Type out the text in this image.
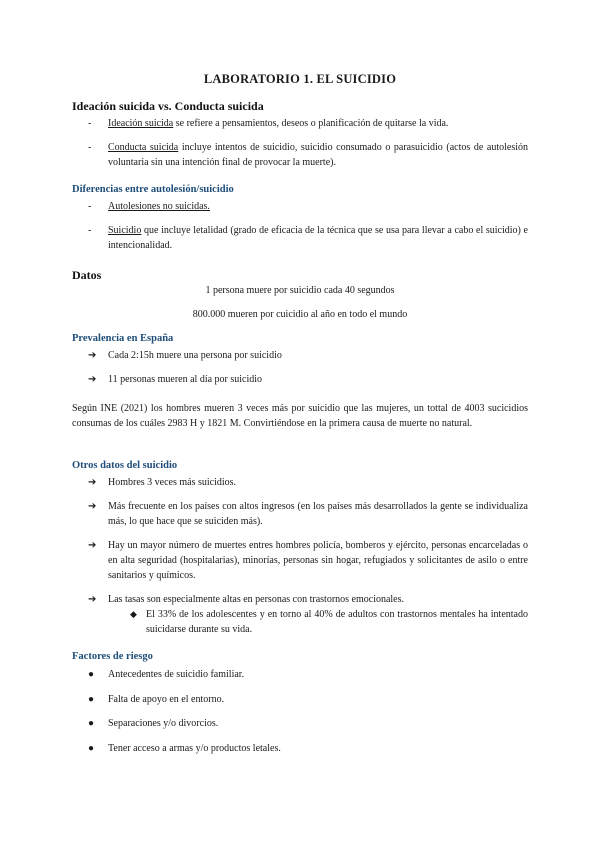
LABORATORIO 1. EL SUICIDIO
Ideación suicida vs. Conducta suicida
- Ideación suicida se refiere a pensamientos, deseos o planificación de quitarse la vida.
- Conducta suicida incluye intentos de suicidio, suicidio consumado o parasuicidio (actos de autolesión voluntaria sin una intención final de provocar la muerte).
Diferencias entre autolesión/suicidio
- Autolesiones no suicidas.
- Suicidio que incluye letalidad (grado de eficacia de la técnica que se usa para llevar a cabo el suicidio) e intencionalidad.
Datos
1 persona muere por suicidio cada 40 segundos
800.000 mueren por cuicidio al año en todo el mundo
Prevalencia en España
➔ Cada 2:15h muere una persona por suicidio
➔ 11 personas mueren al día por suicidio
Según INE (2021) los hombres mueren 3 veces más por suicidio que las mujeres, un tottal de 4003 sucicidios consumas de los cuáles 2983 H y 1821 M. Convirtiéndose en la primera causa de muerte no natural.
Otros datos del suicidio
➔ Hombres 3 veces más suicidios.
➔ Más frecuente en los países con altos ingresos (en los países más desarrollados la gente se individualiza más, lo que hace que se suiciden más).
➔ Hay un mayor número de muertes entres hombres policía, bomberos y ejército, personas encarceladas o en alta seguridad (hospitalarias), minorías, personas sin hogar, refugiados y solicitantes de asilo o entre sanitarios y químicos.
➔ Las tasas son especialmente altas en personas con trastornos emocionales.
◆ El 33% de los adolescentes y en torno al 40% de adultos con trastornos mentales ha intentado suicidarse durante su vida.
Factores de riesgo
● Antecedentes de suicidio familiar.
● Falta de apoyo en el entorno.
● Separaciones y/o divorcios.
● Tener acceso a armas y/o productos letales.
